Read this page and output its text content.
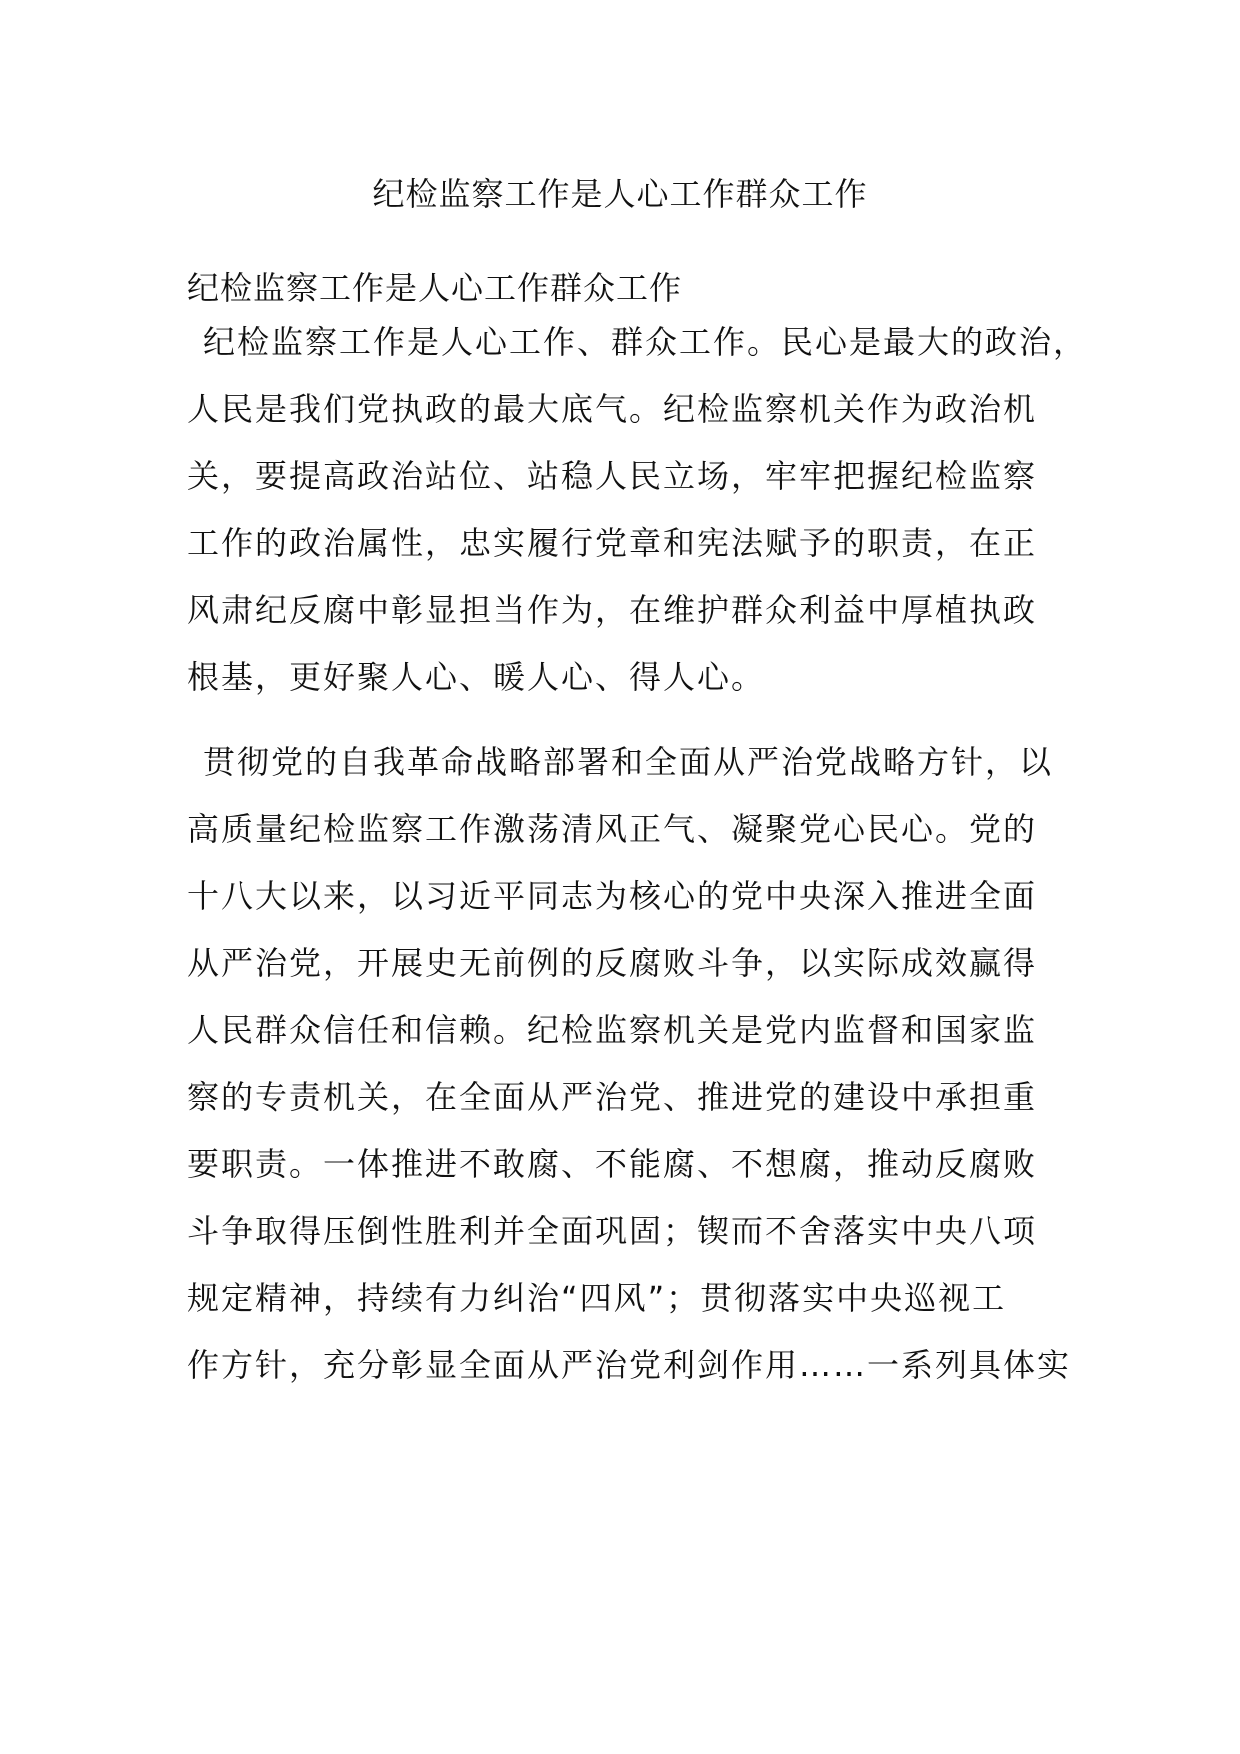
纪检监察工作是人心工作群众工作
纪检监察工作是人心工作群众工作
纪检监察工作是人心工作、群众工作。民心是最大的政治，
人民是我们党执政的最大底气。纪检监察机关作为政治机
关，要提高政治站位、站稳人民立场，牢牢把握纪检监察
工作的政治属性，忠实履行党章和宪法赋予的职责，在正
风肃纪反腐中彰显担当作为，在维护群众利益中厚植执政
根基，更好聚人心、暖人心、得人心。
贯彻党的自我革命战略部署和全面从严治党战略方针，以
高质量纪检监察工作激荡清风正气、凝聚党心民心。党的
十八大以来，以习近平同志为核心的党中央深入推进全面
从严治党，开展史无前例的反腐败斗争，以实际成效赢得
人民群众信任和信赖。纪检监察机关是党内监督和国家监
察的专责机关，在全面从严治党、推进党的建设中承担重
要职责。一体推进不敢腐、不能腐、不想腐，推动反腐败
斗争取得压倒性胜利并全面巩固；锲而不舍落实中央八项
规定精神，持续有力纠治“四风”；贯彻落实中央巡视工
作方针，充分彰显全面从严治党利剑作用……一系列具体实
